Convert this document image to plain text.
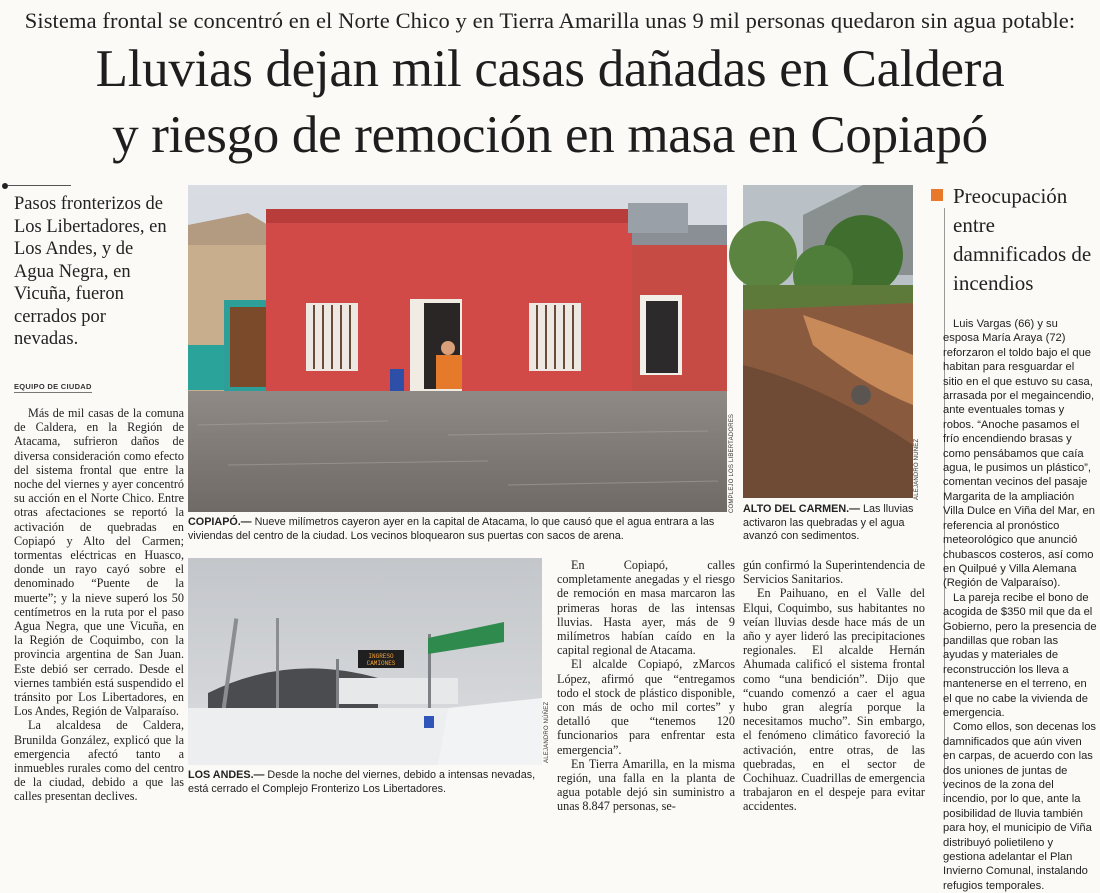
Sistema frontal se concentró en el Norte Chico y en Tierra Amarilla unas 9 mil personas quedaron sin agua potable:
Lluvias dejan mil casas dañadas en Caldera
y riesgo de remoción en masa en Copiapó
Pasos fronterizos de Los Libertadores, en Los Andes, y de Agua Negra, en Vicuña, fueron cerrados por nevadas.
EQUIPO DE CIUDAD

Más de mil casas de la comuna de Caldera, en la Región de Atacama, sufrieron daños de diversa consideración como efecto del sistema frontal que entre la noche del viernes y ayer concentró su acción en el Norte Chico. Entre otras afectaciones se reportó la activación de quebradas en Copiapó y Alto del Carmen; tormentas eléctricas en Huasco, donde un rayo cayó sobre el denominado “Puente de la muerte”; y la nieve superó los 50 centímetros en la ruta por el paso Agua Negra, que une Vicuña, en la Región de Coquimbo, con la provincia argentina de San Juan. Este debió ser cerrado. Desde el viernes también está suspendido el tránsito por Los Libertadores, en Los Andes, Región de Valparaíso.

La alcaldesa de Caldera, Brunilda González, explicó que la emergencia afectó tanto a inmuebles rurales como del centro de la ciudad, debido a que las calles presentan declives.

COMPLEJO LOS LIBERTADORES
COPIAPÓ.— Nueve milímetros cayeron ayer en la capital de Atacama, lo que causó que el agua entrara a las viviendas del centro de la ciudad. Los vecinos bloquearon sus puertas con sacos de arena.
ALEJANDRO NÚÑEZ
ALTO DEL CARMEN.— Las lluvias activaron las quebradas y el agua avanzó con sedimentos.
INGRESO
CAMIONES
ALEJANDRO NÚÑEZ
LOS ANDES.— Desde la noche del viernes, debido a intensas nevadas, está cerrado el Complejo Fronterizo Los Libertadores.

En Copiapó, calles completamente anegadas y el riesgo de remoción en masa marcaron las primeras horas de las intensas lluvias. Hasta ayer, más de 9 milímetros habían caído en la capital regional de Atacama.

El alcalde Copiapó, zMarcos López, afirmó que “entregamos todo el stock de plástico disponible, con más de ocho mil cortes” y detalló que “tenemos 120 funcionarios para enfrentar esta emergencia”.

En Tierra Amarilla, en la misma región, una falla en la planta de agua potable dejó sin suministro a unas 8.847 personas, se-

gún confirmó la Superintendencia de Servicios Sanitarios.

En Paihuano, en el Valle del Elqui, Coquimbo, sus habitantes no veían lluvias desde hace más de un año y ayer lideró las precipitaciones regionales. El alcalde Hernán Ahumada calificó el sistema frontal como “una bendición”. Dijo que “cuando comenzó a caer el agua hubo gran alegría porque la necesitamos mucho”. Sin embargo, el fenómeno climático favoreció la activación, entre otras, de las quebradas, en el sector de Cochihuaz. Cuadrillas de emergencia trabajaron en el despeje para evitar accidentes.

Preocupación entre damnificados de incendios

Luis Vargas (66) y su esposa María Araya (72) reforzaron el toldo bajo el que habitan para resguardar el sitio en el que estuvo su casa, arrasada por el megaincendio, ante eventuales tomas y robos. “Anoche pasamos el frío encendiendo brasas y como pensábamos que caía agua, le pusimos un plástico”, comentan vecinos del pasaje Margarita de la ampliación Villa Dulce en Viña del Mar, en referencia al pronóstico meteorológico que anunció chubascos costeros, así como en Quilpué y Villa Alemana (Región de Valparaíso).

La pareja recibe el bono de acogida de $350 mil que da el Gobierno, pero la presencia de pandillas que roban las ayudas y materiales de reconstrucción los lleva a mantenerse en el terreno, en el que no cabe la vivienda de emergencia.

Como ellos, son decenas los damnificados que aún viven en carpas, de acuerdo con las dos uniones de juntas de vecinos de la zona del incendio, por lo que, ante la posibilidad de lluvia también para hoy, el municipio de Viña distribuyó polietileno y gestiona adelantar el Plan Invierno Comunal, instalando refugios temporales.
